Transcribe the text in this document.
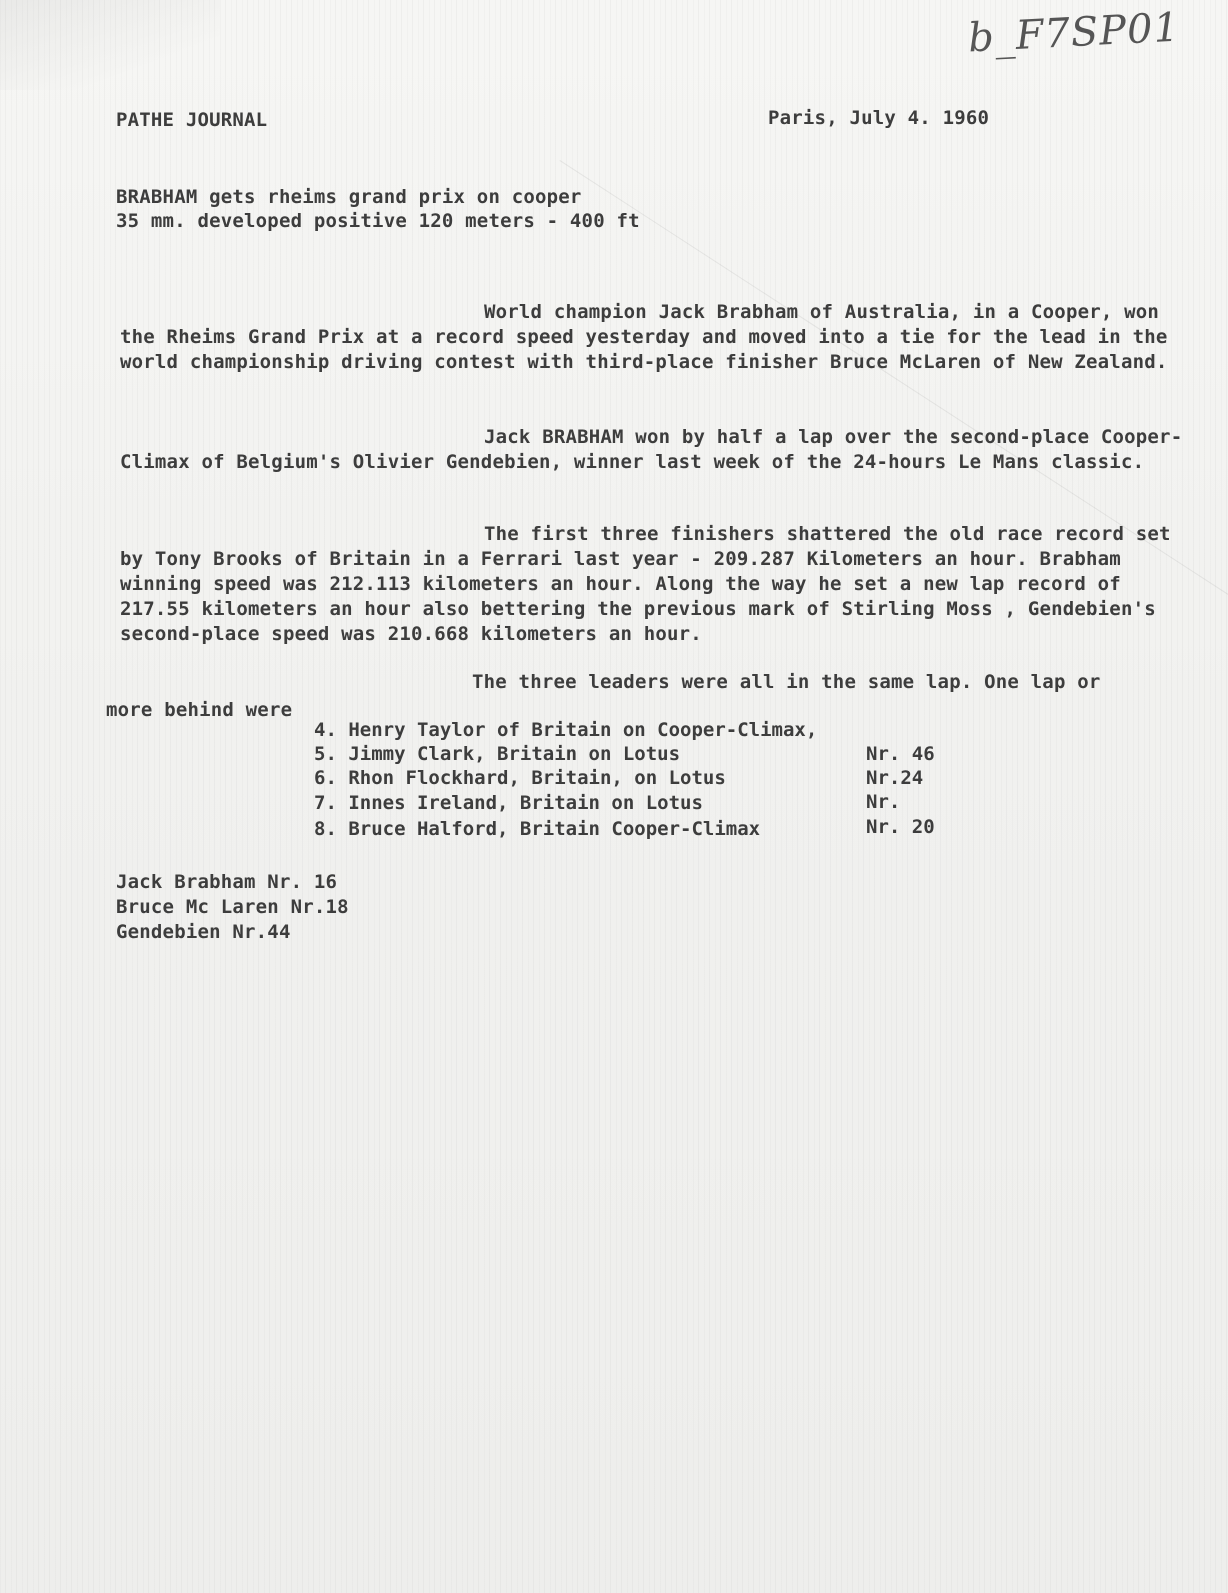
b_F7SP01
PATHE JOURNAL	Paris, July 4. 1960
BRABHAM gets rheims grand prix on cooper
35 mm. developed positive 120 meters - 400 ft
World champion Jack Brabham of Australia, in a Cooper, won the Rheims Grand Prix at a record speed yesterday and moved into a tie for the lead in the world championship driving contest with third-place finisher Bruce McLaren of New Zealand.
Jack BRABHAM won by half a lap over the second-place Cooper-Climax of Belgium's Olivier Gendebien, winner last week of the 24-hours Le Mans classic.
The first three finishers shattered the old race record set by Tony Brooks of Britain in a Ferrari last year - 209.287 Kilometers an hour. Brabham winning speed was 212.113 kilometers an hour. Along the way he set a new lap record of 217.55 kilometers an hour also bettering the previous mark of Stirling Moss , Gendebien's second-place speed was 210.668 kilometers an hour.
The three leaders were all in the same lap. One lap or
more behind were

4. Henry Taylor of Britain on Cooper-Climax,

Nr. 46

5. Jimmy Clark, Britain on Lotus

Nr.24

6. Rhon Flockhard, Britain, on Lotus

Nr.

7. Innes Ireland, Britain on Lotus

Nr. 20

8. Bruce Halford, Britain Cooper-Climax

Jack Brabham Nr. 16
Bruce Mc Laren Nr.18
Gendebien Nr.44
